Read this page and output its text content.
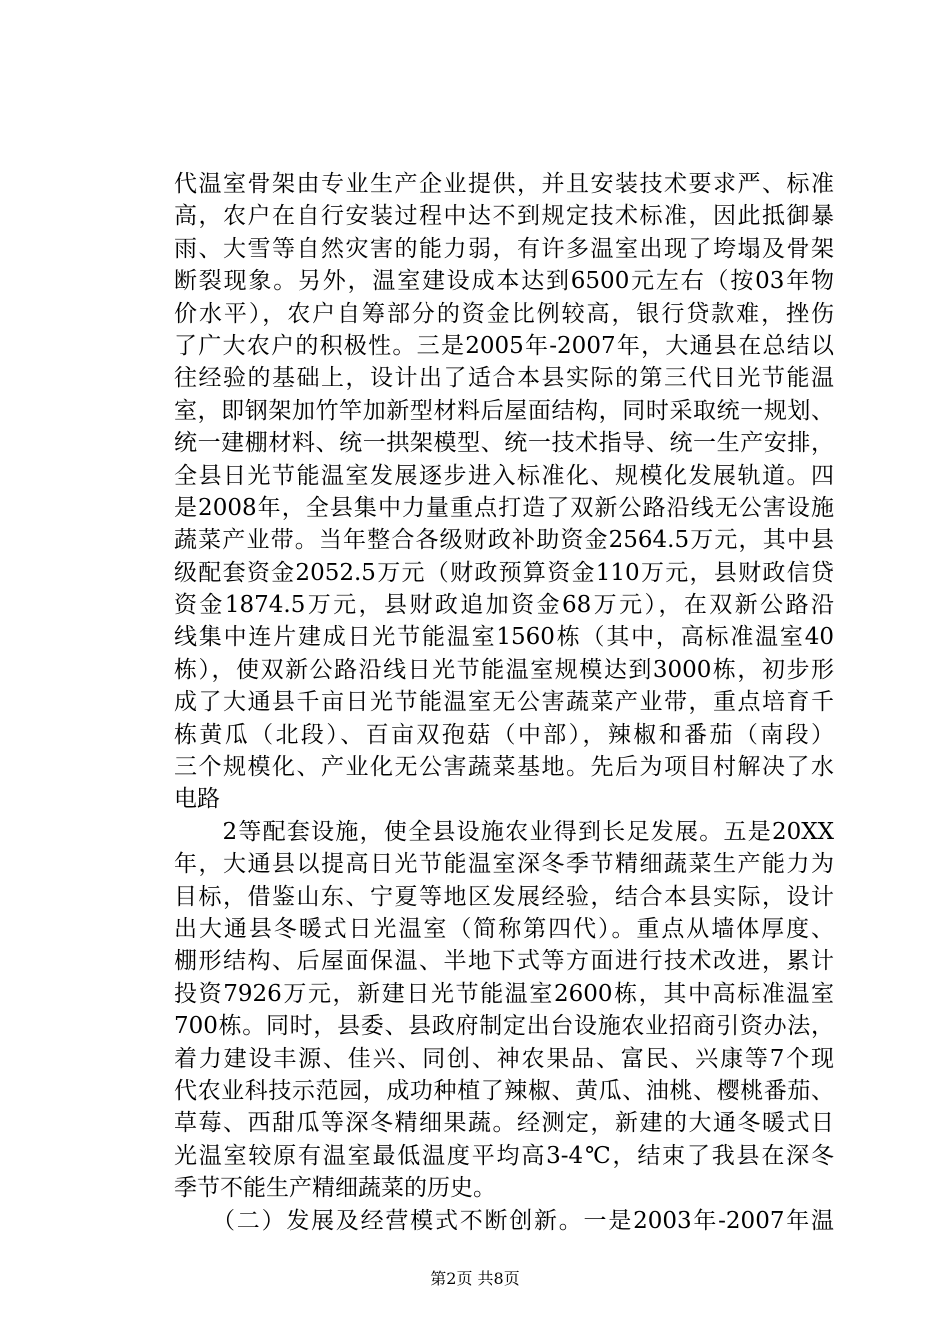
代温室骨架由专业生产企业提供，并且安装技术要求严、标准
高，农户在自行安装过程中达不到规定技术标准，因此抵御暴
雨、大雪等自然灾害的能力弱，有许多温室出现了垮塌及骨架
断裂现象。另外，温室建设成本达到6500元左右（按03年物
价水平），农户自筹部分的资金比例较高，银行贷款难，挫伤
了广大农户的积极性。三是2005年-2007年，大通县在总结以
往经验的基础上，设计出了适合本县实际的第三代日光节能温
室，即钢架加竹竿加新型材料后屋面结构，同时采取统一规划、
统一建棚材料、统一拱架模型、统一技术指导、统一生产安排，
全县日光节能温室发展逐步进入标准化、规模化发展轨道。四
是2008年，全县集中力量重点打造了双新公路沿线无公害设施
蔬菜产业带。当年整合各级财政补助资金2564.5万元，其中县
级配套资金2052.5万元（财政预算资金110万元，县财政信贷
资金1874.5万元，县财政追加资金68万元），在双新公路沿
线集中连片建成日光节能温室1560栋（其中，高标准温室40
栋），使双新公路沿线日光节能温室规模达到3000栋，初步形
成了大通县千亩日光节能温室无公害蔬菜产业带，重点培育千
栋黄瓜（北段）、百亩双孢菇（中部），辣椒和番茄（南段）
三个规模化、产业化无公害蔬菜基地。先后为项目村解决了水
电路
　　2等配套设施，使全县设施农业得到长足发展。五是20XX
年，大通县以提高日光节能温室深冬季节精细蔬菜生产能力为
目标，借鉴山东、宁夏等地区发展经验，结合本县实际，设计
出大通县冬暖式日光温室（简称第四代）。重点从墙体厚度、
棚形结构、后屋面保温、半地下式等方面进行技术改进，累计
投资7926万元，新建日光节能温室2600栋，其中高标准温室
700栋。同时，县委、县政府制定出台设施农业招商引资办法，
着力建设丰源、佳兴、同创、神农果品、富民、兴康等7个现
代农业科技示范园，成功种植了辣椒、黄瓜、油桃、樱桃番茄、
草莓、西甜瓜等深冬精细果蔬。经测定，新建的大通冬暖式日
光温室较原有温室最低温度平均高3-4℃，结束了我县在深冬
季节不能生产精细蔬菜的历史。
　　（二）发展及经营模式不断创新。一是2003年-2007年温
第2页 共8页
